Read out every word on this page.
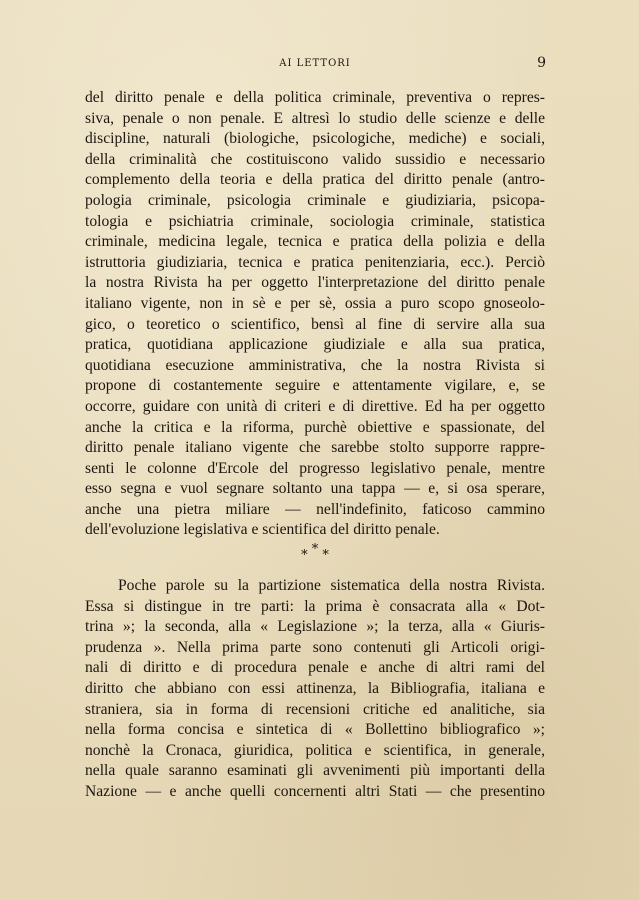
AI LETTORI	9
del diritto penale e della politica criminale, preventiva o repres-
siva, penale o non penale. E altresì lo studio delle scienze e delle
discipline, naturali (biologiche, psicologiche, mediche) e sociali,
della criminalità che costituiscono valido sussidio e necessario
complemento della teoria e della pratica del diritto penale (antro-
pologia criminale, psicologia criminale e giudiziaria, psicopa-
tologia e psichiatria criminale, sociologia criminale, statistica
criminale, medicina legale, tecnica e pratica della polizia e della
istruttoria giudiziaria, tecnica e pratica penitenziaria, ecc.). Perciò
la nostra Rivista ha per oggetto l'interpretazione del diritto penale
italiano vigente, non in sè e per sè, ossia a puro scopo gnoseolo-
gico, o teoretico o scientifico, bensì al fine di servire alla sua
pratica, quotidiana applicazione giudiziale e alla sua pratica,
quotidiana esecuzione amministrativa, che la nostra Rivista si
propone di costantemente seguire e attentamente vigilare, e, se
occorre, guidare con unità di criteri e di direttive. Ed ha per oggetto
anche la critica e la riforma, purchè obiettive e spassionate, del
diritto penale italiano vigente che sarebbe stolto supporre rappre-
senti le colonne d'Ercole del progresso legislativo penale, mentre
esso segna e vuol segnare soltanto una tappa — e, si osa sperare,
anche una pietra miliare — nell'indefinito, faticoso cammino
dell'evoluzione legislativa e scientifica del diritto penale.
* * *
Poche parole su la partizione sistematica della nostra Rivista.
Essa si distingue in tre parti: la prima è consacrata alla « Dot-
trina »; la seconda, alla « Legislazione »; la terza, alla « Giuris-
prudenza ». Nella prima parte sono contenuti gli Articoli origi-
nali di diritto e di procedura penale e anche di altri rami del
diritto che abbiano con essi attinenza, la Bibliografia, italiana e
straniera, sia in forma di recensioni critiche ed analitiche, sia
nella forma concisa e sintetica di « Bollettino bibliografico »;
nonchè la Cronaca, giuridica, politica e scientifica, in generale,
nella quale saranno esaminati gli avvenimenti più importanti della
Nazione — e anche quelli concernenti altri Stati — che presentino
